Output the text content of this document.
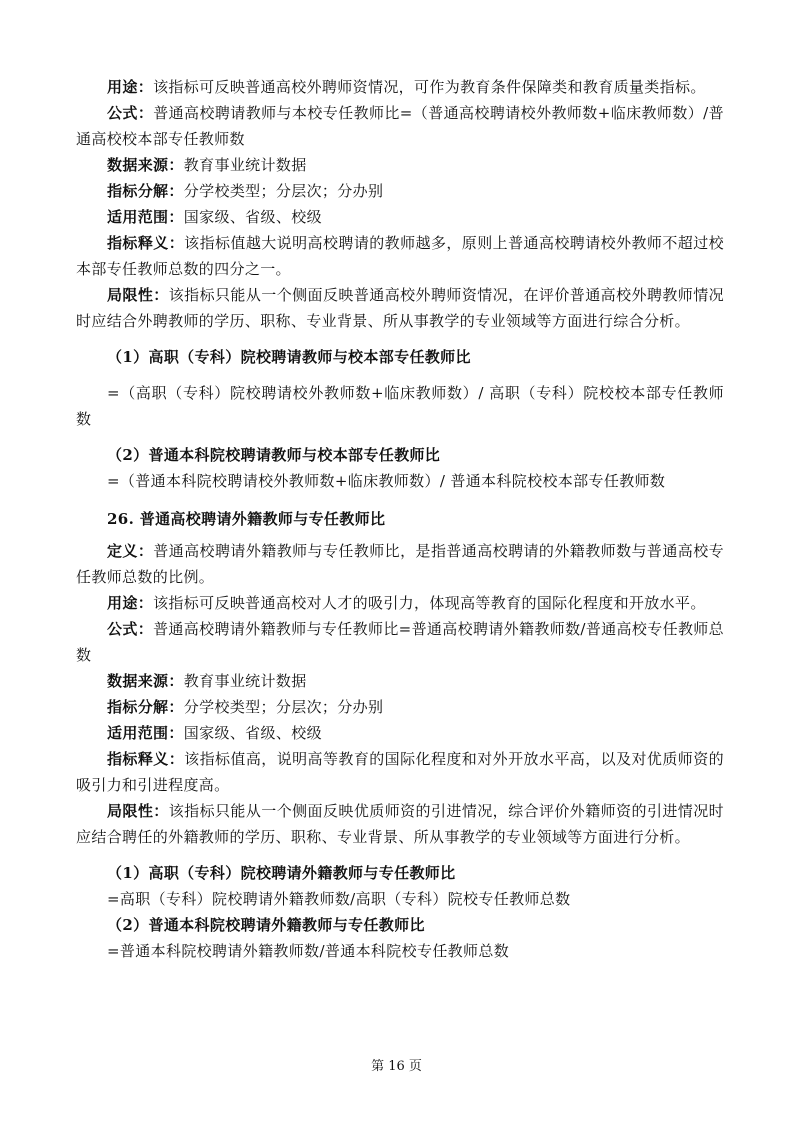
用途：该指标可反映普通高校外聘师资情况，可作为教育条件保障类和教育质量类指标。

公式：普通高校聘请教师与本校专任教师比=（普通高校聘请校外教师数+临床教师数）/普通高校校本部专任教师数

数据来源：教育事业统计数据

指标分解：分学校类型；分层次；分办别

适用范围：国家级、省级、校级

指标释义：该指标值越大说明高校聘请的教师越多，原则上普通高校聘请校外教师不超过校本部专任教师总数的四分之一。

局限性：该指标只能从一个侧面反映普通高校外聘师资情况，在评价普通高校外聘教师情况时应结合外聘教师的学历、职称、专业背景、所从事教学的专业领域等方面进行综合分析。

（1）高职（专科）院校聘请教师与校本部专任教师比

=（高职（专科）院校聘请校外教师数+临床教师数）/ 高职（专科）院校校本部专任教师数

（2）普通本科院校聘请教师与校本部专任教师比

=（普通本科院校聘请校外教师数+临床教师数）/ 普通本科院校校本部专任教师数

26. 普通高校聘请外籍教师与专任教师比

定义：普通高校聘请外籍教师与专任教师比，是指普通高校聘请的外籍教师数与普通高校专任教师总数的比例。

用途：该指标可反映普通高校对人才的吸引力，体现高等教育的国际化程度和开放水平。

公式：普通高校聘请外籍教师与专任教师比=普通高校聘请外籍教师数/普通高校专任教师总数

数据来源：教育事业统计数据

指标分解：分学校类型；分层次；分办别

适用范围：国家级、省级、校级

指标释义：该指标值高，说明高等教育的国际化程度和对外开放水平高，以及对优质师资的吸引力和引进程度高。

局限性：该指标只能从一个侧面反映优质师资的引进情况，综合评价外籍师资的引进情况时应结合聘任的外籍教师的学历、职称、专业背景、所从事教学的专业领域等方面进行分析。

（1）高职（专科）院校聘请外籍教师与专任教师比

=高职（专科）院校聘请外籍教师数/高职（专科）院校专任教师总数

（2）普通本科院校聘请外籍教师与专任教师比

=普通本科院校聘请外籍教师数/普通本科院校专任教师总数

第 16 页
